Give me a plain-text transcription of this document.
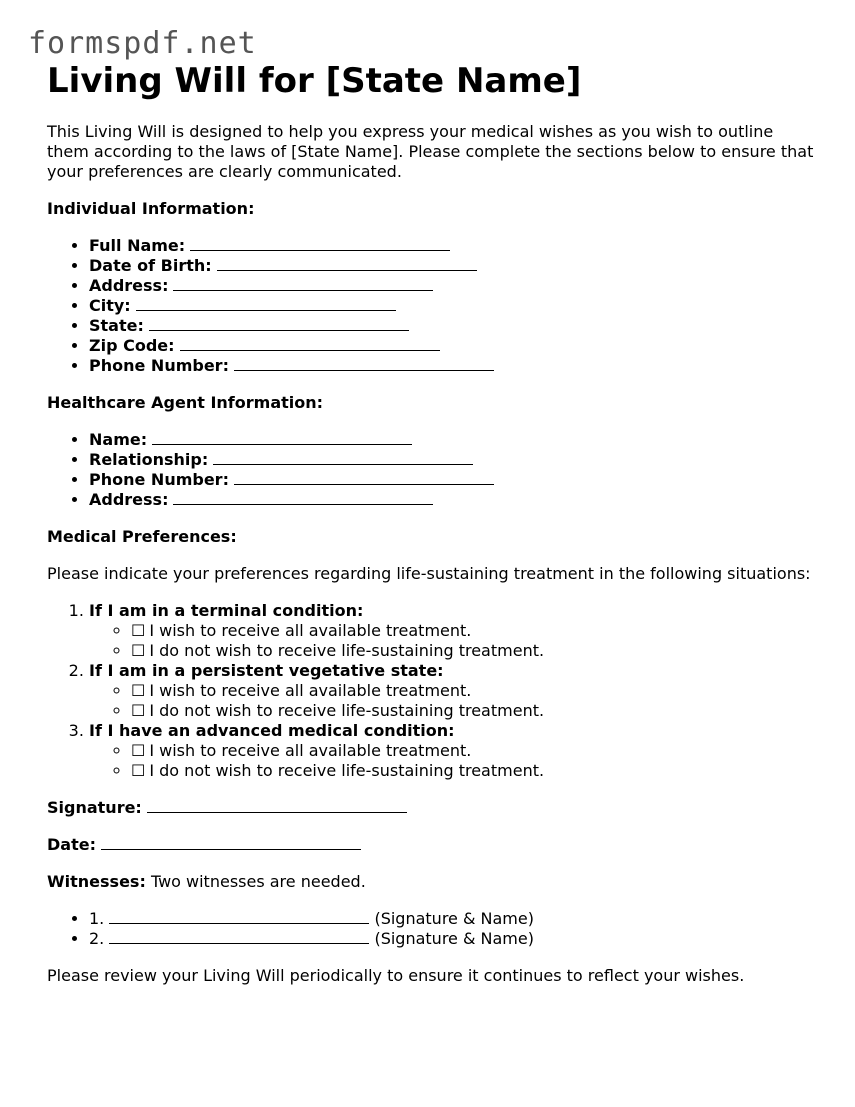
formspdf.net
Living Will for [State Name]

This Living Will is designed to help you express your medical wishes as you wish to outline them according to the laws of [State Name]. Please complete the sections below to ensure that your preferences are clearly communicated.

Individual Information:
• Full Name:
• Date of Birth:
• Address:
• City:
• State:
• Zip Code:
• Phone Number:
Healthcare Agent Information:
• Name:
• Relationship:
• Phone Number:
• Address:
Medical Preferences:

Please indicate your preferences regarding life-sustaining treatment in the following situations:

1. If I am in a terminal condition:
◦ ☐ I wish to receive all available treatment.
◦ ☐ I do not wish to receive life-sustaining treatment.
2. If I am in a persistent vegetative state:
◦ ☐ I wish to receive all available treatment.
◦ ☐ I do not wish to receive life-sustaining treatment.
3. If I have an advanced medical condition:
◦ ☐ I wish to receive all available treatment.
◦ ☐ I do not wish to receive life-sustaining treatment.

Signature:

Date:

Witnesses: Two witnesses are needed.

• 1.	(Signature & Name)
• 2.	(Signature & Name)

Please review your Living Will periodically to ensure it continues to reflect your wishes.
